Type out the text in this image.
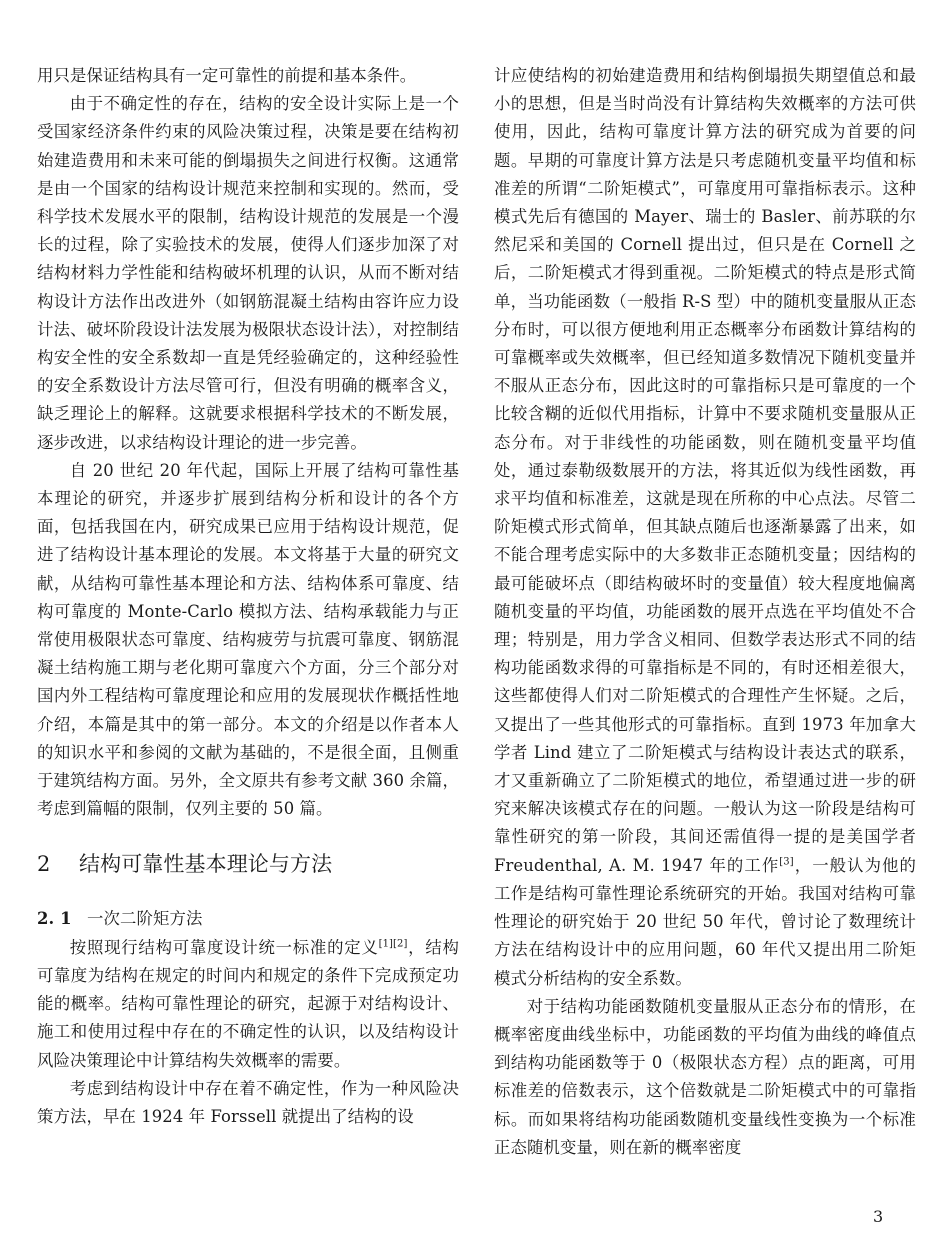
用只是保证结构具有一定可靠性的前提和基本条件。

由于不确定性的存在，结构的安全设计实际上是一个受国家经济条件约束的风险决策过程，决策是要在结构初始建造费用和未来可能的倒塌损失之间进行权衡。这通常是由一个国家的结构设计规范来控制和实现的。然而，受科学技术发展水平的限制，结构设计规范的发展是一个漫长的过程，除了实验技术的发展，使得人们逐步加深了对结构材料力学性能和结构破坏机理的认识，从而不断对结构设计方法作出改进外（如钢筋混凝土结构由容许应力设计法、破坏阶段设计法发展为极限状态设计法），对控制结构安全性的安全系数却一直是凭经验确定的，这种经验性的安全系数设计方法尽管可行，但没有明确的概率含义，缺乏理论上的解释。这就要求根据科学技术的不断发展，逐步改进，以求结构设计理论的进一步完善。

自 20 世纪 20 年代起，国际上开展了结构可靠性基本理论的研究，并逐步扩展到结构分析和设计的各个方面，包括我国在内，研究成果已应用于结构设计规范，促进了结构设计基本理论的发展。本文将基于大量的研究文献，从结构可靠性基本理论和方法、结构体系可靠度、结构可靠度的 Monte-Carlo 模拟方法、结构承载能力与正常使用极限状态可靠度、结构疲劳与抗震可靠度、钢筋混凝土结构施工期与老化期可靠度六个方面，分三个部分对国内外工程结构可靠度理论和应用的发展现状作概括性地介绍，本篇是其中的第一部分。本文的介绍是以作者本人的知识水平和参阅的文献为基础的，不是很全面，且侧重于建筑结构方面。另外，全文原共有参考文献 360 余篇，考虑到篇幅的限制，仅列主要的 50 篇。

2 结构可靠性基本理论与方法
2. 1 一次二阶矩方法

按照现行结构可靠度设计统一标准的定义[1][2]，结构可靠度为结构在规定的时间内和规定的条件下完成预定功能的概率。结构可靠性理论的研究，起源于对结构设计、施工和使用过程中存在的不确定性的认识，以及结构设计风险决策理论中计算结构失效概率的需要。

考虑到结构设计中存在着不确定性，作为一种风险决策方法，早在 1924 年 Forssell 就提出了结构的设

计应使结构的初始建造费用和结构倒塌损失期望值总和最小的思想，但是当时尚没有计算结构失效概率的方法可供使用，因此，结构可靠度计算方法的研究成为首要的问题。早期的可靠度计算方法是只考虑随机变量平均值和标准差的所谓“二阶矩模式”，可靠度用可靠指标表示。这种模式先后有德国的 Mayer、瑞士的 Basler、前苏联的尔然尼采和美国的 Cornell 提出过，但只是在 Cornell 之后，二阶矩模式才得到重视。二阶矩模式的特点是形式简单，当功能函数（一般指 R-S 型）中的随机变量服从正态分布时，可以很方便地利用正态概率分布函数计算结构的可靠概率或失效概率，但已经知道多数情况下随机变量并不服从正态分布，因此这时的可靠指标只是可靠度的一个比较含糊的近似代用指标，计算中不要求随机变量服从正态分布。对于非线性的功能函数，则在随机变量平均值处，通过泰勒级数展开的方法，将其近似为线性函数，再求平均值和标准差，这就是现在所称的中心点法。尽管二阶矩模式形式简单，但其缺点随后也逐渐暴露了出来，如不能合理考虑实际中的大多数非正态随机变量；因结构的最可能破坏点（即结构破坏时的变量值）较大程度地偏离随机变量的平均值，功能函数的展开点选在平均值处不合理；特别是，用力学含义相同、但数学表达形式不同的结构功能函数求得的可靠指标是不同的，有时还相差很大，这些都使得人们对二阶矩模式的合理性产生怀疑。之后，又提出了一些其他形式的可靠指标。直到 1973 年加拿大学者 Lind 建立了二阶矩模式与结构设计表达式的联系，才又重新确立了二阶矩模式的地位，希望通过进一步的研究来解决该模式存在的问题。一般认为这一阶段是结构可靠性研究的第一阶段，其间还需值得一提的是美国学者 Freudenthal, A. M. 1947 年的工作[3]，一般认为他的工作是结构可靠性理论系统研究的开始。我国对结构可靠性理论的研究始于 20 世纪 50 年代，曾讨论了数理统计方法在结构设计中的应用问题，60 年代又提出用二阶矩模式分析结构的安全系数。

对于结构功能函数随机变量服从正态分布的情形，在概率密度曲线坐标中，功能函数的平均值为曲线的峰值点到结构功能函数等于 0（极限状态方程）点的距离，可用标准差的倍数表示，这个倍数就是二阶矩模式中的可靠指标。而如果将结构功能函数随机变量线性变换为一个标准正态随机变量，则在新的概率密度

3
